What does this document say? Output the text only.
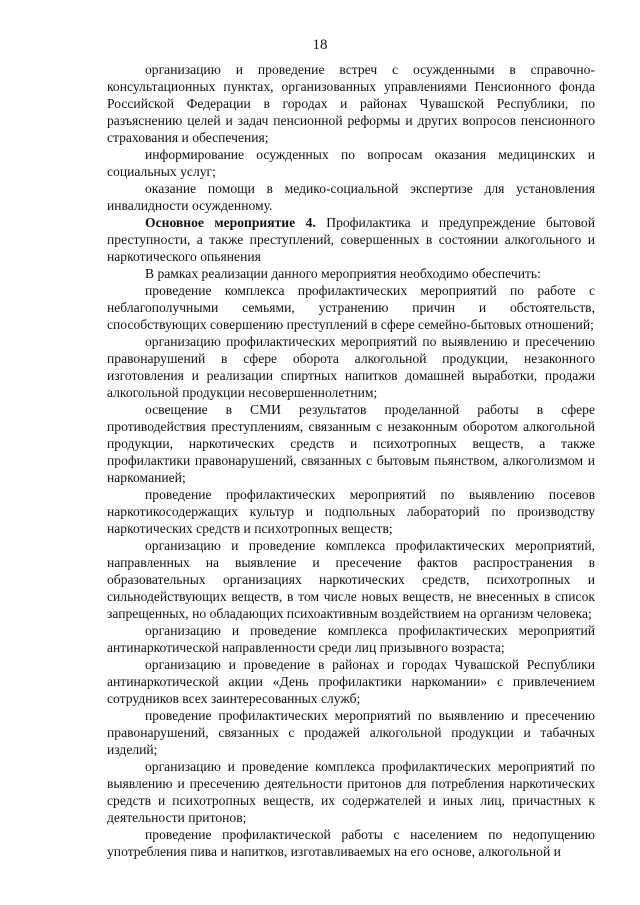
18

организацию и проведение встреч с осужденными в справочно-консультационных пунктах, организованных управлениями Пенсионного фонда Российской Федерации в городах и районах Чувашской Республики, по разъяснению целей и задач пенсионной реформы и других вопросов пенсионного страхования и обеспечения;

информирование осужденных по вопросам оказания медицинских и социальных услуг;

оказание помощи в медико-социальной экспертизе для установления инвалидности осужденному.

Основное мероприятие 4. Профилактика и предупреждение бытовой преступности, а также преступлений, совершенных в состоянии алкогольного и наркотического опьянения

В рамках реализации данного мероприятия необходимо обеспечить:

проведение комплекса профилактических мероприятий по работе с неблагополучными семьями, устранению причин и обстоятельств, способствующих совершению преступлений в сфере семейно-бытовых отношений;

организацию профилактических мероприятий по выявлению и пресечению правонарушений в сфере оборота алкогольной продукции, незаконного изготовления и реализации спиртных напитков домашней выработки, продажи алкогольной продукции несовершеннолетним;

освещение в СМИ результатов проделанной работы в сфере противодействия преступлениям, связанным с незаконным оборотом алкогольной продукции, наркотических средств и психотропных веществ, а также профилактики правонарушений, связанных с бытовым пьянством, алкоголизмом и наркоманией;

проведение профилактических мероприятий по выявлению посевов наркотикосодержащих культур и подпольных лабораторий по производству наркотических средств и психотропных веществ;

организацию и проведение комплекса профилактических мероприятий, направленных на выявление и пресечение фактов распространения в образовательных организациях наркотических средств, психотропных и сильнодействующих веществ, в том числе новых веществ, не внесенных в список запрещенных, но обладающих психоактивным воздействием на организм человека;

организацию и проведение комплекса профилактических мероприятий антинаркотической направленности среди лиц призывного возраста;

организацию и проведение в районах и городах Чувашской Республики антинаркотической акции «День профилактики наркомании» с привлечением сотрудников всех заинтересованных служб;

проведение профилактических мероприятий по выявлению и пресечению правонарушений, связанных с продажей алкогольной продукции и табачных изделий;

организацию и проведение комплекса профилактических мероприятий по выявлению и пресечению деятельности притонов для потребления наркотических средств и психотропных веществ, их содержателей и иных лиц, причастных к деятельности притонов;

проведение профилактической работы с населением по недопущению употребления пива и напитков, изготавливаемых на его основе, алкогольной и
